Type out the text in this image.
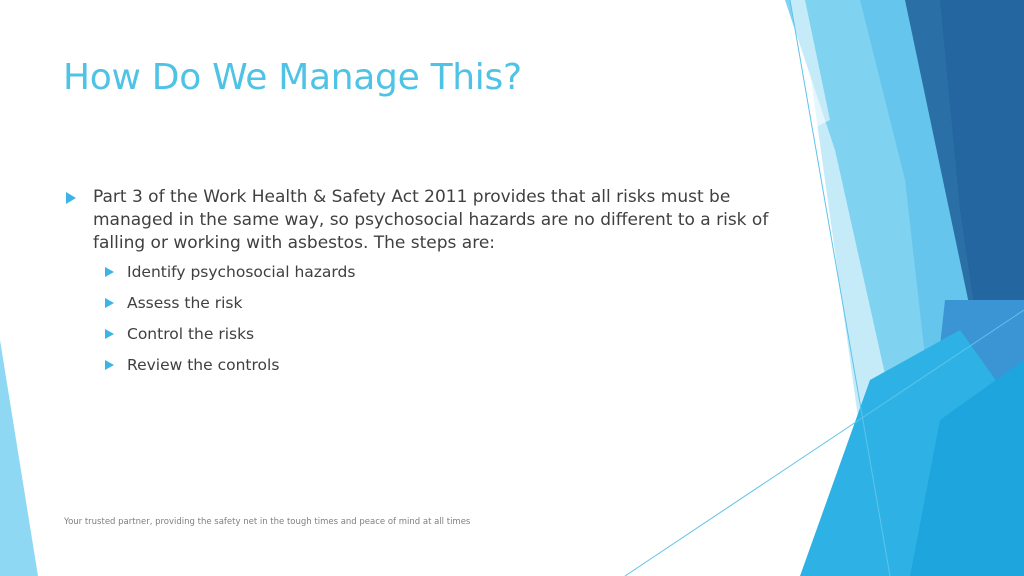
How Do We Manage This?
Part 3 of the Work Health & Safety Act 2011 provides that all risks must be managed in the same way, so psychosocial hazards are no different to a risk of falling or working with asbestos. The steps are:
Identify psychosocial hazards
Assess the risk
Control the risks
Review the controls
Your trusted partner, providing the safety net in the tough times and peace of mind at all times
